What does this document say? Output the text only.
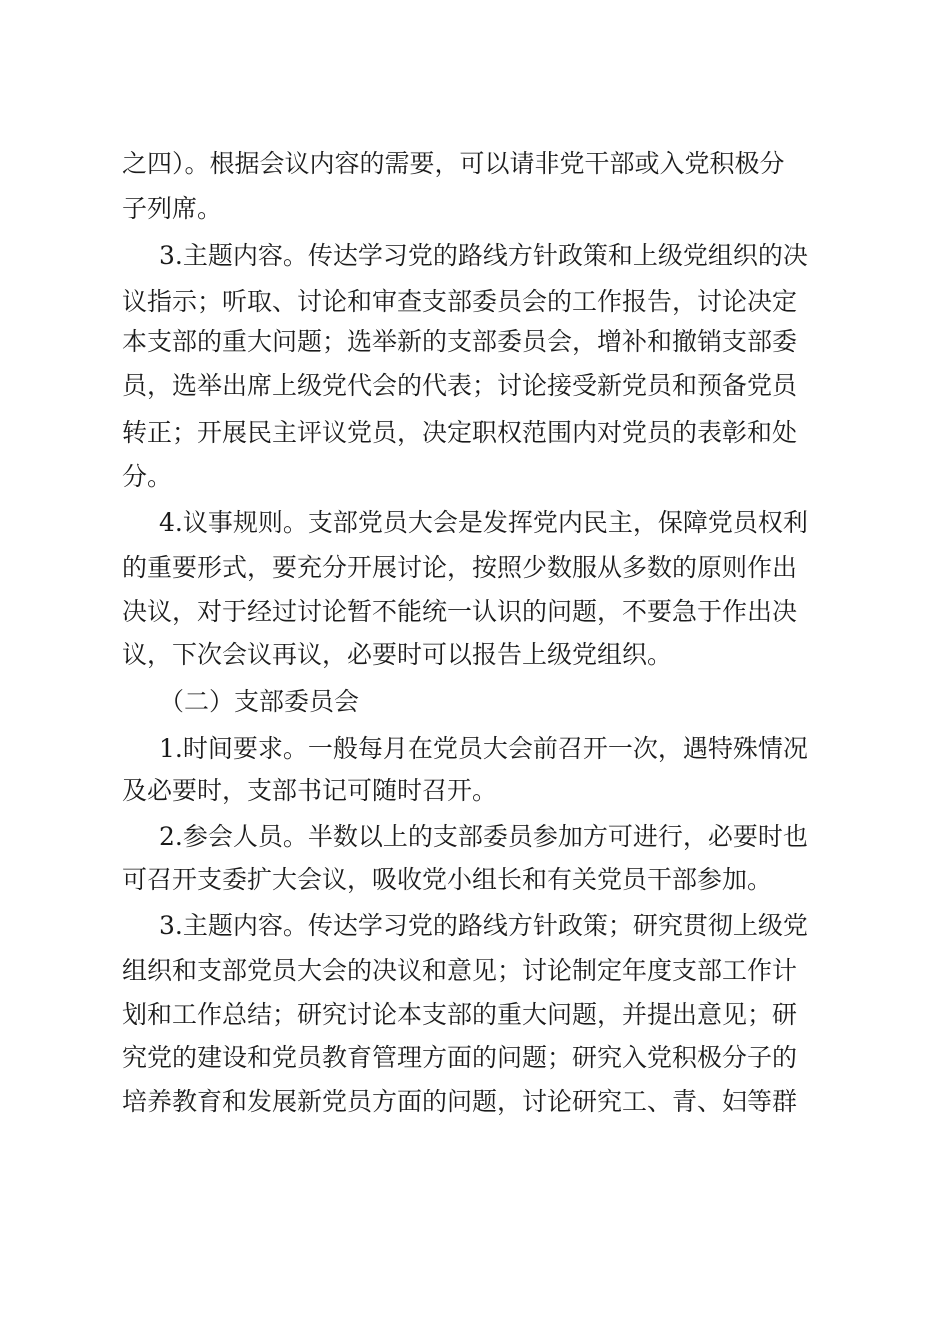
之四）。根据会议内容的需要，可以请非党干部或入党积极分
子列席。
3.主题内容。传达学习党的路线方针政策和上级党组织的决
议指示；听取、讨论和审查支部委员会的工作报告，讨论决定
本支部的重大问题；选举新的支部委员会，增补和撤销支部委
员，选举出席上级党代会的代表；讨论接受新党员和预备党员
转正；开展民主评议党员，决定职权范围内对党员的表彰和处
分。
4.议事规则。支部党员大会是发挥党内民主，保障党员权利
的重要形式，要充分开展讨论，按照少数服从多数的原则作出
决议，对于经过讨论暂不能统一认识的问题，不要急于作出决
议，下次会议再议，必要时可以报告上级党组织。
（二）支部委员会
1.时间要求。一般每月在党员大会前召开一次，遇特殊情况
及必要时，支部书记可随时召开。
2.参会人员。半数以上的支部委员参加方可进行，必要时也
可召开支委扩大会议，吸收党小组长和有关党员干部参加。
3.主题内容。传达学习党的路线方针政策；研究贯彻上级党
组织和支部党员大会的决议和意见；讨论制定年度支部工作计
划和工作总结；研究讨论本支部的重大问题，并提出意见；研
究党的建设和党员教育管理方面的问题；研究入党积极分子的
培养教育和发展新党员方面的问题，讨论研究工、青、妇等群
